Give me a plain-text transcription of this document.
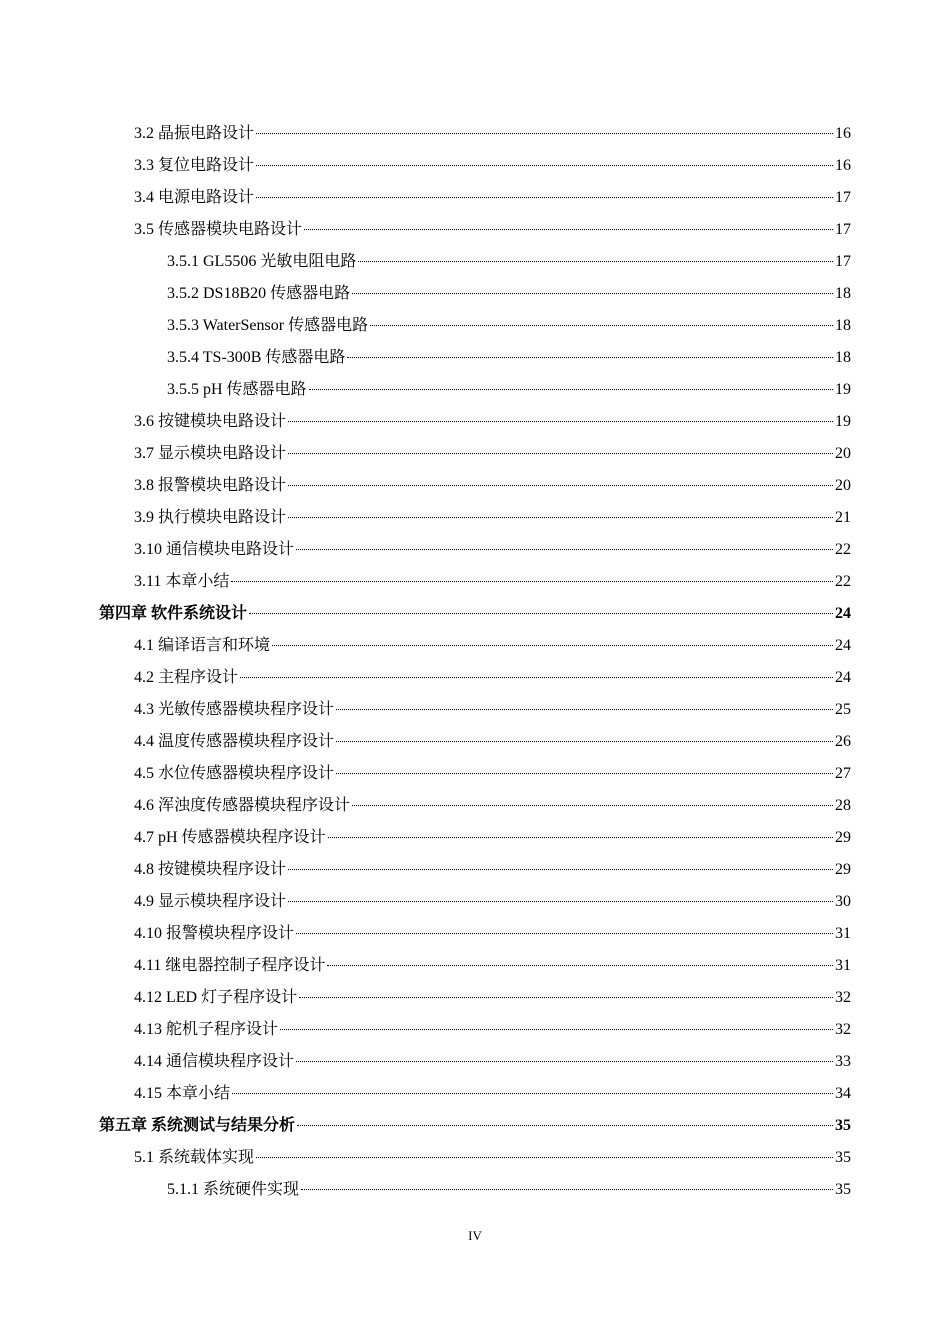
3.2 晶振电路设计	16
3.3 复位电路设计	16
3.4 电源电路设计	17
3.5 传感器模块电路设计	17
3.5.1 GL5506 光敏电阻电路	17
3.5.2 DS18B20 传感器电路	18
3.5.3 WaterSensor 传感器电路	18
3.5.4 TS-300B 传感器电路	18
3.5.5 pH 传感器电路	19
3.6 按键模块电路设计	19
3.7 显示模块电路设计	20
3.8 报警模块电路设计	20
3.9 执行模块电路设计	21
3.10 通信模块电路设计	22
3.11 本章小结	22
第四章 软件系统设计	24
4.1 编译语言和环境	24
4.2 主程序设计	24
4.3 光敏传感器模块程序设计	25
4.4 温度传感器模块程序设计	26
4.5 水位传感器模块程序设计	27
4.6 浑浊度传感器模块程序设计	28
4.7 pH 传感器模块程序设计	29
4.8 按键模块程序设计	29
4.9 显示模块程序设计	30
4.10 报警模块程序设计	31
4.11 继电器控制子程序设计	31
4.12 LED 灯子程序设计	32
4.13 舵机子程序设计	32
4.14 通信模块程序设计	33
4.15 本章小结	34
第五章 系统测试与结果分析	35
5.1 系统载体实现	35
5.1.1 系统硬件实现	35
IV
